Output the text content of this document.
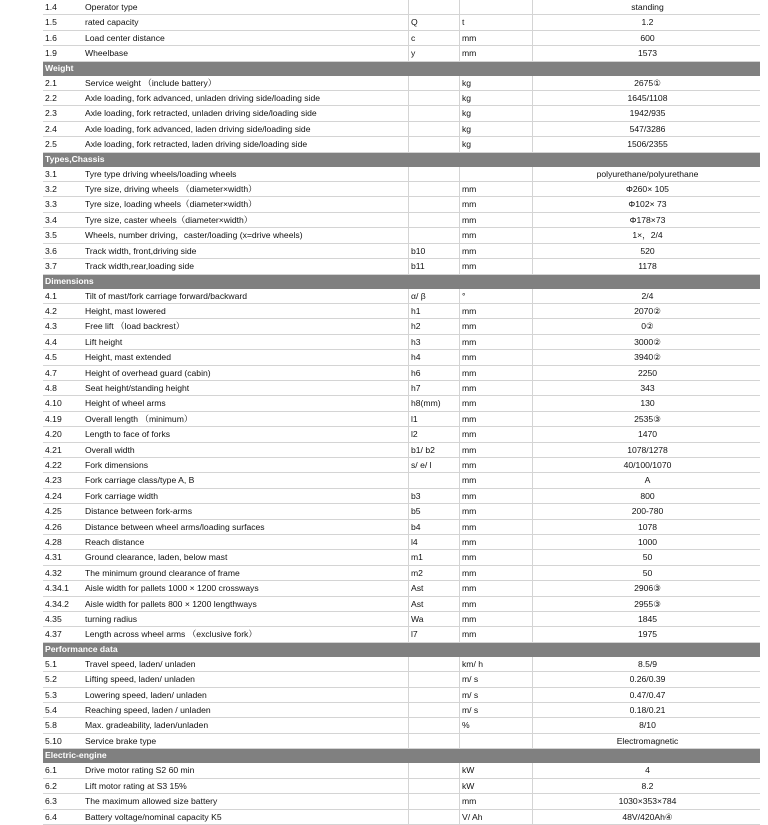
1.4	Operator type			standing
1.5	rated capacity	Q	t	1.2
1.6	Load center distance	c	mm	600
1.9	Wheelbase	y	mm	1573
Weight				
2.1	Service weight （include battery）		kg	2675①
2.2	Axle loading, fork advanced, unladen driving side/loading side		kg	1645/1108
2.3	Axle loading, fork retracted, unladen driving side/loading side		kg	1942/935
2.4	Axle loading, fork advanced, laden driving side/loading side		kg	547/3286
2.5	Axle loading, fork retracted, laden driving side/loading side		kg	1506/2355
Types,Chassis				
3.1	Tyre type driving wheels/loading wheels			polyurethane/polyurethane
3.2	Tyre size, driving wheels （diameter×width）		mm	Φ260× 105
3.3	Tyre size, loading wheels（diameter×width）		mm	Φ102× 73
3.4	Tyre size, caster wheels（diameter×width）		mm	Φ178×73
3.5	Wheels, number driving，caster/loading (x=drive wheels)		mm	1×，2/4
3.6	Track width, front,driving side	b10	mm	520
3.7	Track width,rear,loading side	b11	mm	1178
Dimensions				
4.1	Tilt of mast/fork carriage forward/backward	α/ β	°	2/4
4.2	Height, mast lowered	h1	mm	2070②
4.3	Free lift （load backrest）	h2	mm	0②
4.4	Lift height	h3	mm	3000②
4.5	Height, mast extended	h4	mm	3940②
4.7	Height of overhead guard (cabin)	h6	mm	2250
4.8	Seat height/standing height	h7	mm	343
4.10	Height of wheel arms	h8(mm)	mm	130
4.19	Overall length （minimum）	l1	mm	2535③
4.20	Length to face of forks	l2	mm	1470
4.21	Overall width	b1/ b2	mm	1078/1278
4.22	Fork dimensions	s/ e/ l	mm	40/100/1070
4.23	Fork carriage class/type A, B		mm	A
4.24	Fork carriage width	b3	mm	800
4.25	Distance between fork-arms	b5	mm	200-780
4.26	Distance between wheel arms/loading surfaces	b4	mm	1078
4.28	Reach distance	l4	mm	1000
4.31	Ground clearance, laden, below mast	m1	mm	50
4.32	The minimum ground clearance of frame	m2	mm	50
4.34.1	Aisle width for pallets 1000 × 1200 crossways	Ast	mm	2906③
4.34.2	Aisle width for pallets 800 × 1200 lengthways	Ast	mm	2955③
4.35	turning radius	Wa	mm	1845
4.37	Length across wheel arms （exclusive fork）	l7	mm	1975
Performance data				
5.1	Travel speed, laden/ unladen		km/ h	8.5/9
5.2	Lifting speed, laden/ unladen		m/ s	0.26/0.39
5.3	Lowering speed, laden/ unladen		m/ s	0.47/0.47
5.4	Reaching speed, laden / unladen		m/ s	0.18/0.21
5.8	Max. gradeability, laden/unladen		%	8/10
5.10	Service brake type			Electromagnetic
Electric-engine				
6.1	Drive motor rating S2 60 min		kW	4
6.2	Lift motor rating at S3 15%		kW	8.2
6.3	The maximum allowed size battery		mm	1030×353×784
6.4	Battery voltage/nominal capacity K5		V/ Ah	48V/420Ah④
